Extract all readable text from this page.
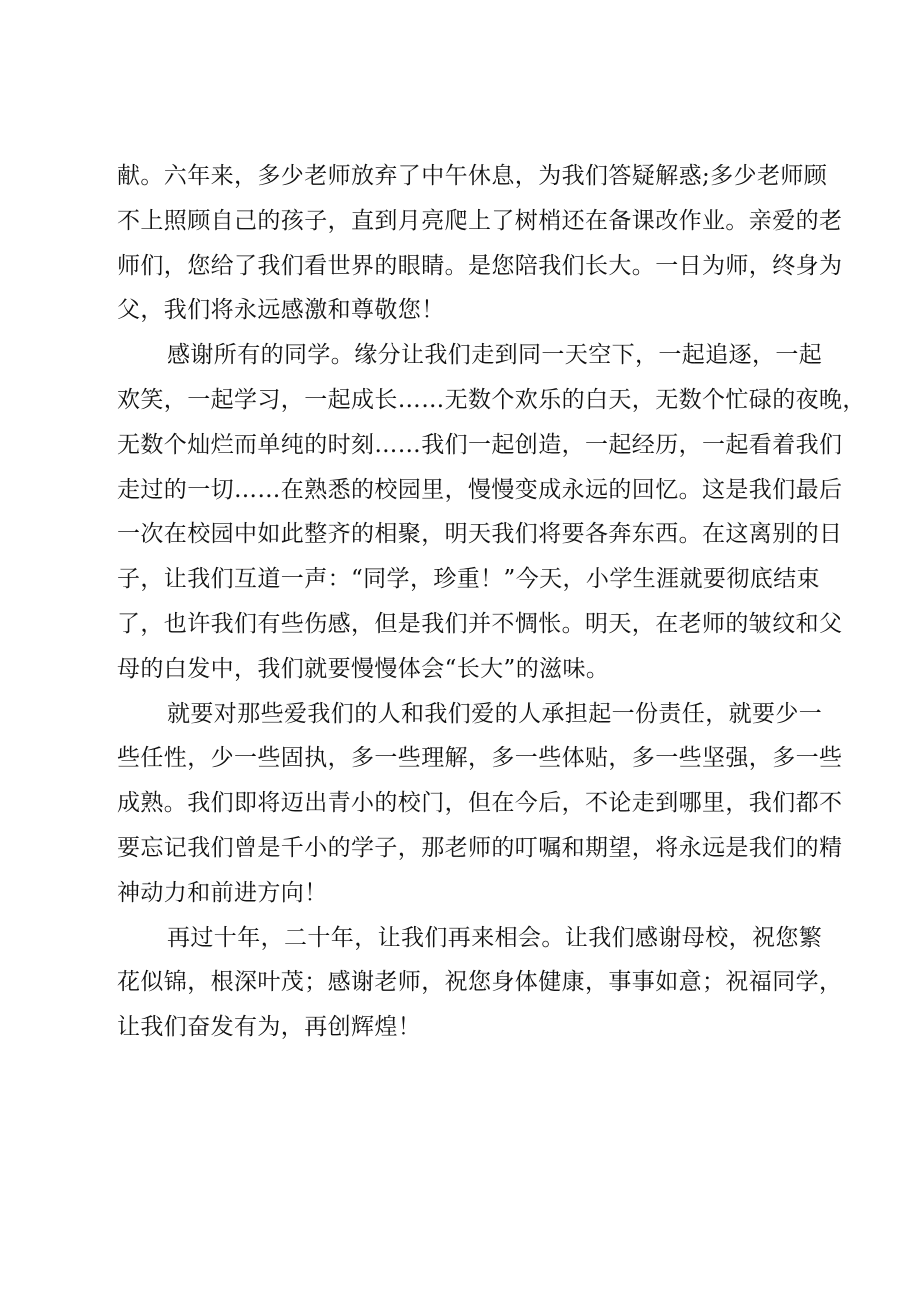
献。六年来，多少老师放弃了中午休息，为我们答疑解惑;多少老师顾
不上照顾自己的孩子，直到月亮爬上了树梢还在备课改作业。亲爱的老
师们，您给了我们看世界的眼睛。是您陪我们长大。一日为师，终身为
父，我们将永远感激和尊敬您！
感谢所有的同学。缘分让我们走到同一天空下，一起追逐，一起
欢笑，一起学习，一起成长……无数个欢乐的白天，无数个忙碌的夜晚，
无数个灿烂而单纯的时刻……我们一起创造，一起经历，一起看着我们
走过的一切……在熟悉的校园里，慢慢变成永远的回忆。这是我们最后
一次在校园中如此整齐的相聚，明天我们将要各奔东西。在这离别的日
子，让我们互道一声：“同学，珍重！”今天，小学生涯就要彻底结束
了，也许我们有些伤感，但是我们并不惆怅。明天，在老师的皱纹和父
母的白发中，我们就要慢慢体会“长大”的滋味。
就要对那些爱我们的人和我们爱的人承担起一份责任，就要少一
些任性，少一些固执，多一些理解，多一些体贴，多一些坚强，多一些
成熟。我们即将迈出青小的校门，但在今后，不论走到哪里，我们都不
要忘记我们曾是千小的学子，那老师的叮嘱和期望，将永远是我们的精
神动力和前进方向！
再过十年，二十年，让我们再来相会。让我们感谢母校，祝您繁
花似锦，根深叶茂；感谢老师，祝您身体健康，事事如意；祝福同学，
让我们奋发有为，再创辉煌！
